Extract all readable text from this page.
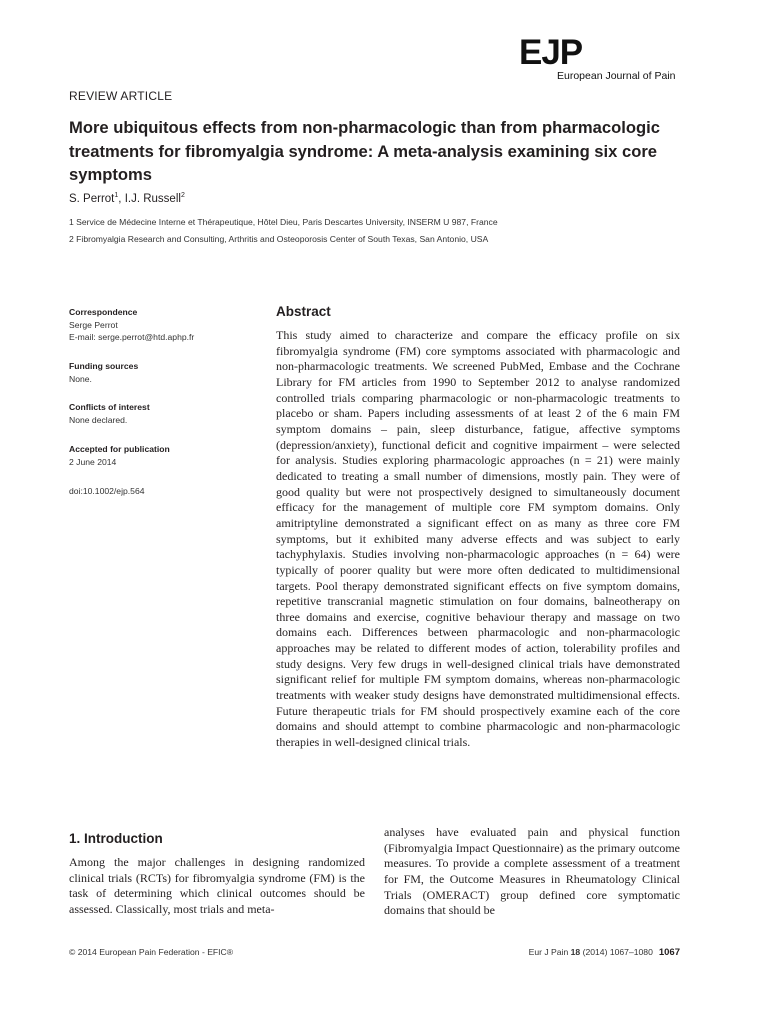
EJP
European Journal of Pain
REVIEW ARTICLE
More ubiquitous effects from non-pharmacologic than from pharmacologic treatments for fibromyalgia syndrome: A meta-analysis examining six core symptoms
S. Perrot$^1$, I.J. Russell$^2$
1 Service de Médecine Interne et Thérapeutique, Hôtel Dieu, Paris Descartes University, INSERM U 987, France
2 Fibromyalgia Research and Consulting, Arthritis and Osteoporosis Center of South Texas, San Antonio, USA
Correspondence
Serge Perrot
E-mail: serge.perrot@htd.aphp.fr
Funding sources
None.
Conflicts of interest
None declared.
Accepted for publication
2 June 2014
doi:10.1002/ejp.564
Abstract
This study aimed to characterize and compare the efficacy profile on six fibromyalgia syndrome (FM) core symptoms associated with pharmacologic and non-pharmacologic treatments. We screened PubMed, Embase and the Cochrane Library for FM articles from 1990 to September 2012 to analyse randomized controlled trials comparing pharmacologic or non-pharmacologic treatments to placebo or sham. Papers including assessments of at least 2 of the 6 main FM symptom domains – pain, sleep disturbance, fatigue, affective symptoms (depression/anxiety), functional deficit and cognitive impairment – were selected for analysis. Studies exploring pharmacologic approaches (n = 21) were mainly dedicated to treating a small number of dimensions, mostly pain. They were of good quality but were not prospectively designed to simultaneously document efficacy for the management of multiple core FM symptom domains. Only amitriptyline demonstrated a significant effect on as many as three core FM symptoms, but it exhibited many adverse effects and was subject to early tachyphylaxis. Studies involving non-pharmacologic approaches (n = 64) were typically of poorer quality but were more often dedicated to multidimensional targets. Pool therapy demonstrated significant effects on five symptom domains, repetitive transcranial magnetic stimulation on four domains, balneotherapy on three domains and exercise, cognitive behaviour therapy and massage on two domains each. Differences between pharmacologic and non-pharmacologic approaches may be related to different modes of action, tolerability profiles and study designs. Very few drugs in well-designed clinical trials have demonstrated significant relief for multiple FM symptom domains, whereas non-pharmacologic treatments with weaker study designs have demonstrated multidimensional effects. Future therapeutic trials for FM should prospectively examine each of the core domains and should attempt to combine pharmacologic and non-pharmacologic therapies in well-designed clinical trials.
1. Introduction
Among the major challenges in designing randomized clinical trials (RCTs) for fibromyalgia syndrome (FM) is the task of determining which clinical outcomes should be assessed. Classically, most trials and meta-
analyses have evaluated pain and physical function (Fibromyalgia Impact Questionnaire) as the primary outcome measures. To provide a complete assessment of a treatment for FM, the Outcome Measures in Rheumatology Clinical Trials (OMERACT) group defined core symptomatic domains that should be
© 2014 European Pain Federation - EFIC®	Eur J Pain 18 (2014) 1067–1080 1067
